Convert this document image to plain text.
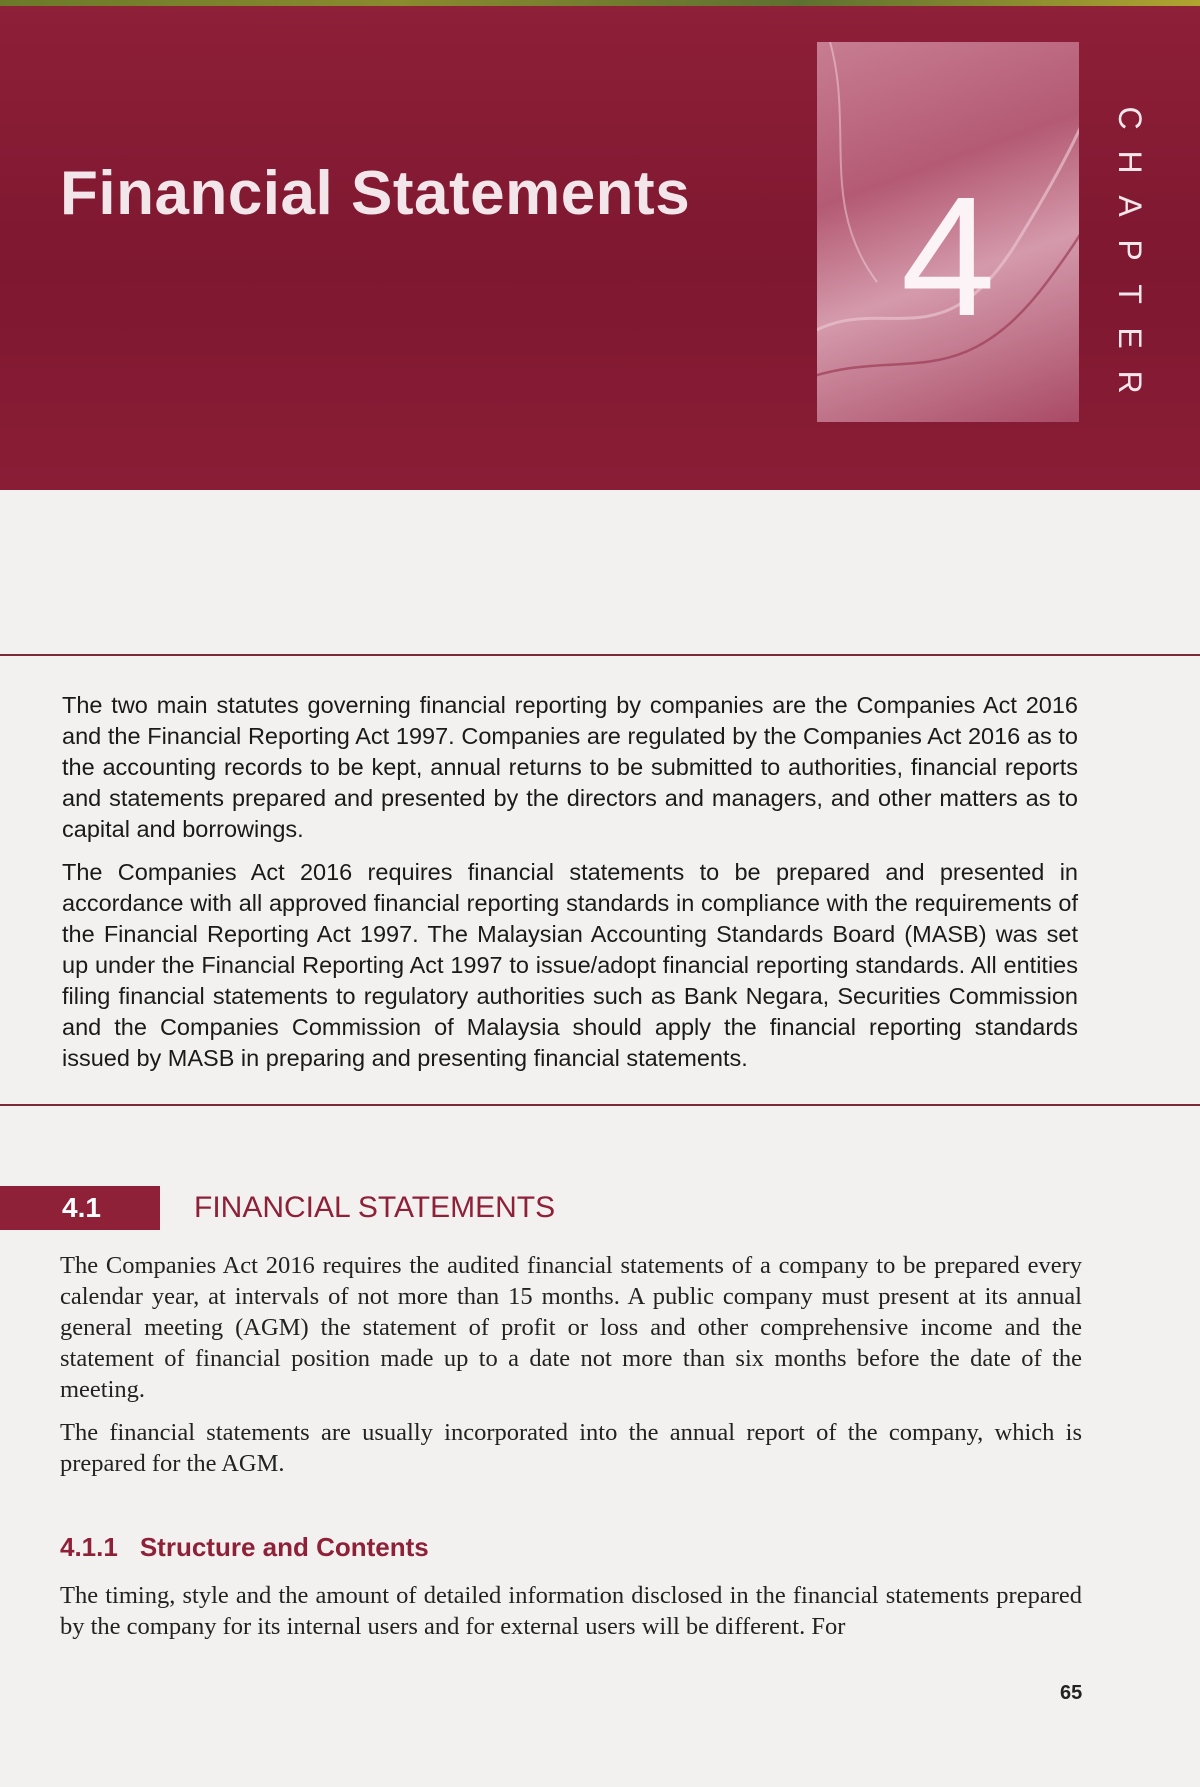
Financial Statements	4
C
H
A
P
T
E
R

The two main statutes governing financial reporting by companies are the Companies Act 2016 and the Financial Reporting Act 1997. Companies are regulated by the Companies Act 2016 as to the accounting records to be kept, annual returns to be submitted to authorities, financial reports and statements prepared and presented by the directors and managers, and other matters as to capital and borrowings.

The Companies Act 2016 requires financial statements to be prepared and presented in accordance with all approved financial reporting standards in compliance with the requirements of the Financial Reporting Act 1997. The Malaysian Accounting Standards Board (MASB) was set up under the Financial Reporting Act 1997 to issue/adopt financial reporting standards. All entities filing financial statements to regulatory authorities such as Bank Negara, Securities Commission and the Companies Commission of Malaysia should apply the financial reporting standards issued by MASB in preparing and presenting financial statements.

4.1	FINANCIAL STATEMENTS

The Companies Act 2016 requires the audited financial statements of a company to be prepared every calendar year, at intervals of not more than 15 months. A public company must present at its annual general meeting (AGM) the statement of profit or loss and other comprehensive income and the statement of financial position made up to a date not more than six months before the date of the meeting.

The financial statements are usually incorporated into the annual report of the company, which is prepared for the AGM.

4.1.1 Structure and Contents

The timing, style and the amount of detailed information disclosed in the financial statements prepared by the company for its internal users and for external users will be different. For

65
